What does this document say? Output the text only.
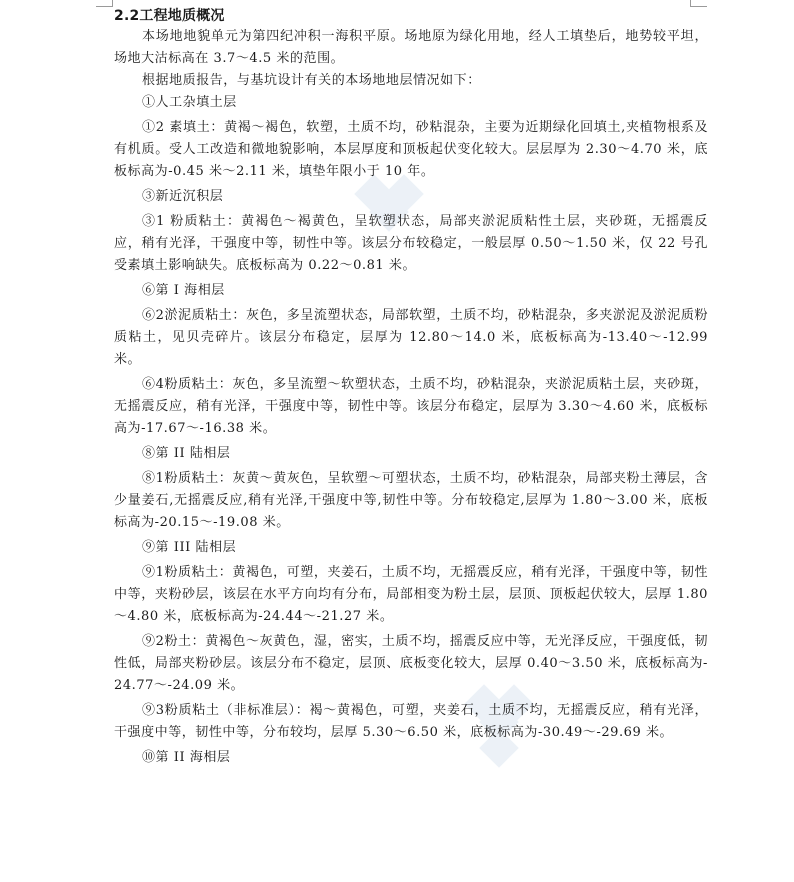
2.2工程地质概况

本场地地貌单元为第四纪冲积一海积平原。场地原为绿化用地，经人工填垫后，地势较平坦，场地大沽标高在 3.7～4.5 米的范围。

根据地质报告，与基坑设计有关的本场地地层情况如下：

①人工杂填土层

①2 素填土：黄褐～褐色，软塑，土质不均，砂粘混杂，主要为近期绿化回填土,夹植物根系及有机质。受人工改造和微地貌影响，本层厚度和顶板起伏变化较大。层层厚为 2.30～4.70 米，底板标高为-0.45 米～2.11 米，填垫年限小于 10 年。

③新近沉积层

③1 粉质粘土：黄褐色～褐黄色，呈软塑状态，局部夹淤泥质粘性土层，夹砂斑，无摇震反应，稍有光泽，干强度中等，韧性中等。该层分布较稳定，一般层厚 0.50～1.50 米，仅 22 号孔受素填土影响缺失。底板标高为 0.22～0.81 米。

⑥第 I 海相层

⑥2淤泥质粘土：灰色，多呈流塑状态，局部软塑，土质不均，砂粘混杂，多夹淤泥及淤泥质粉质粘土，见贝壳碎片。该层分布稳定，层厚为 12.80～14.0 米，底板标高为-13.40～-12.99 米。

⑥4粉质粘土：灰色，多呈流塑～软塑状态，土质不均，砂粘混杂，夹淤泥质粘土层，夹砂斑，无摇震反应，稍有光泽，干强度中等，韧性中等。该层分布稳定，层厚为 3.30～4.60 米，底板标高为-17.67～-16.38 米。

⑧第 II 陆相层

⑧1粉质粘土：灰黄～黄灰色，呈软塑～可塑状态，土质不均，砂粘混杂，局部夹粉土薄层，含少量姜石,无摇震反应,稍有光泽,干强度中等,韧性中等。分布较稳定,层厚为 1.80～3.00 米，底板标高为-20.15～-19.08 米。

⑨第 III 陆相层

⑨1粉质粘土：黄褐色，可塑，夹姜石，土质不均，无摇震反应，稍有光泽，干强度中等，韧性中等，夹粉砂层，该层在水平方向均有分布，局部相变为粉土层，层顶、顶板起伏较大，层厚 1.80～4.80 米，底板标高为-24.44～-21.27 米。

⑨2粉土：黄褐色～灰黄色，湿，密实，土质不均，摇震反应中等，无光泽反应，干强度低，韧性低，局部夹粉砂层。该层分布不稳定，层顶、底板变化较大，层厚 0.40～3.50 米，底板标高为-24.77～-24.09 米。

⑨3粉质粘土（非标准层）：褐～黄褐色，可塑，夹姜石，土质不均，无摇震反应，稍有光泽，干强度中等，韧性中等，分布较均，层厚 5.30～6.50 米，底板标高为-30.49～-29.69 米。

⑩第 II 海相层
